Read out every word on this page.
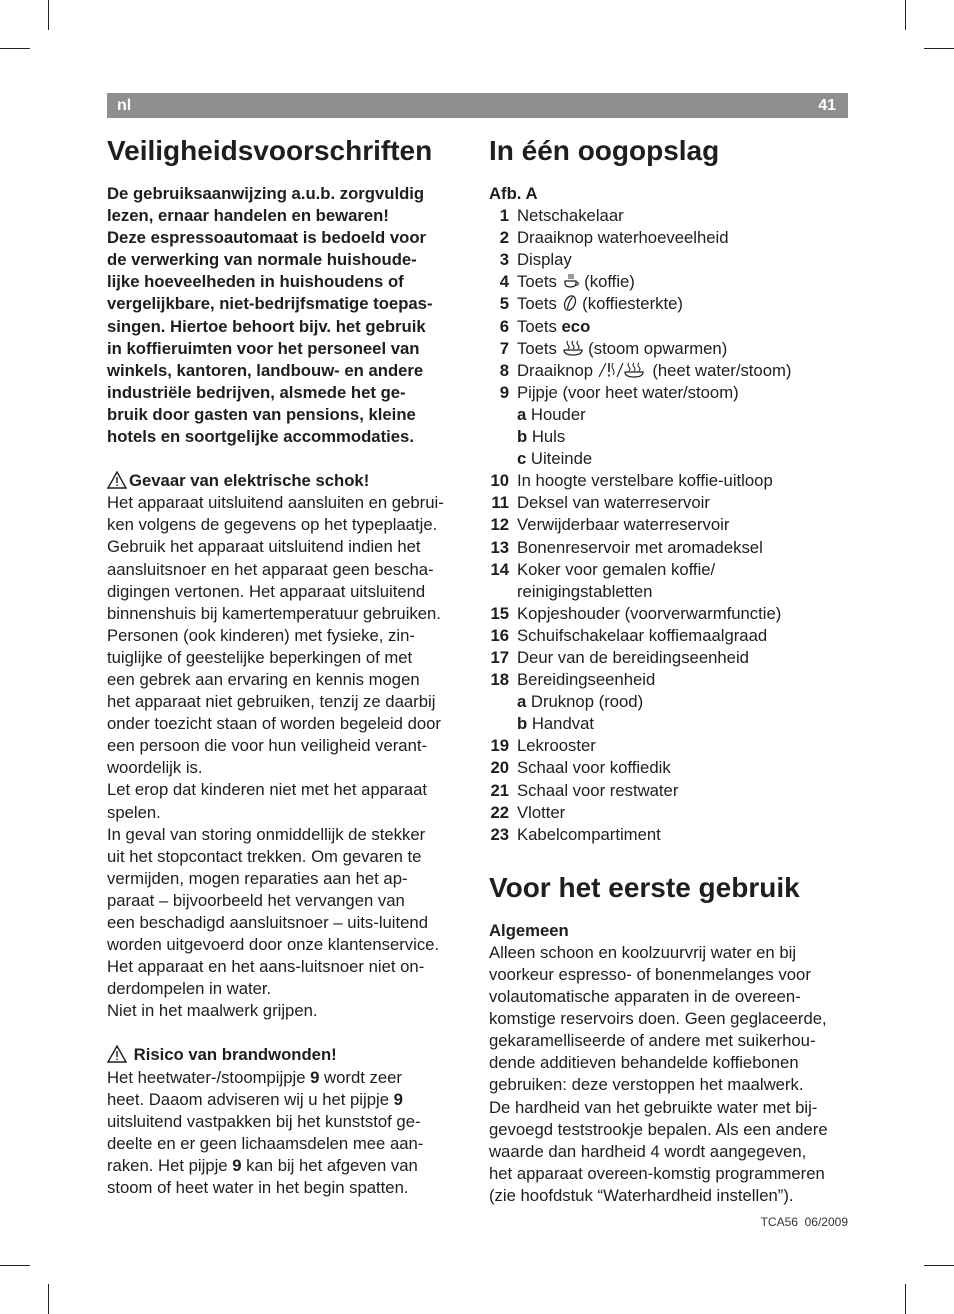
nl	41
Veiligheidsvoorschriften

De gebruiksaanwijzing a.u.b. zorgvuldig

lezen, ernaar handelen en bewaren!

Deze espressoautomaat is bedoeld voor

de verwerking van normale huishoude-

lijke hoeveelheden in huishoudens of

vergelijkbare, niet-bedrijfsmatige toepas-

singen. Hiertoe behoort bijv. het gebruik

in koffieruimten voor het personeel van

winkels, kantoren, landbouw- en andere

industriële bedrijven, alsmede het ge-

bruik door gasten van pensions, kleine

hotels en soortgelijke accommodaties.

Gevaar van elektrische schok!

Het apparaat uitsluitend aansluiten en gebrui-

ken volgens de gegevens op het typeplaatje.

Gebruik het apparaat uitsluitend indien het

aansluitsnoer en het apparaat geen bescha-

digingen vertonen. Het apparaat uitsluitend

binnenshuis bij kamertemperatuur gebruiken.

Personen (ook kinderen) met fysieke, zin-

tuiglijke of geestelijke beperkingen of met

een gebrek aan ervaring en kennis mogen

het apparaat niet gebruiken, tenzij ze daarbij

onder toezicht staan of worden begeleid door

een persoon die voor hun veiligheid verant-

woordelijk is.

Let erop dat kinderen niet met het apparaat

spelen.

In geval van storing onmiddellijk de stekker

uit het stopcontact trekken. Om gevaren te

vermijden, mogen reparaties aan het ap-

paraat – bijvoorbeeld het vervangen van

een beschadigd aansluitsnoer – uits-luitend

worden uitgevoerd door onze klantenservice.

Het apparaat en het aans-luitsnoer niet on-

derdompelen in water.

Niet in het maalwerk grijpen.

Risico van brandwonden!

Het heetwater-/stoompijpje 9 wordt zeer

heet. Daaom adviseren wij u het pijpje 9

uitsluitend vastpakken bij het kunststof ge-

deelte en er geen lichaamsdelen mee aan-

raken. Het pijpje 9 kan bij het afgeven van

stoom of heet water in het begin spatten.

In één oogopslag

Afb. A

1 Netschakelaar
2 Draaiknop waterhoeveelheid
3 Display
4 Toets  (koffie)
5 Toets  (koffiesterkte)
6 Toets eco
7 Toets  (stoom opwarmen)
8 Draaiknop	(heet water/stoom)
9 Pijpje (voor heet water/stoom)
a
Houder
b
Huls
c
Uiteinde
10 In hoogte verstelbare koffie-uitloop
11 Deksel van waterreservoir
12 Verwijderbaar waterreservoir
13 Bonenreservoir met aromadeksel
14 Koker voor gemalen koffie/
reinigingstabletten
15 Kopjeshouder (voorverwarmfunctie)
16 Schuifschakelaar koffiemaalgraad
17 Deur van de bereidingseenheid
18 Bereidingseenheid
a
Druknop (rood)
b
Handvat
19 Lekrooster
20 Schaal voor koffiedik
21 Schaal voor restwater
22 Vlotter
23 Kabelcompartiment
Voor het eerste gebruik

Algemeen

Alleen schoon en koolzuurvrij water en bij

voorkeur espresso- of bonenmelanges voor

volautomatische apparaten in de overeen-

komstige reservoirs doen. Geen geglaceerde,

gekaramelliseerde of andere met suikerhou-

dende additieven behandelde koffiebonen

gebruiken: deze verstoppen het maalwerk.

De hardheid van het gebruikte water met bij-

gevoegd teststrookje bepalen. Als een andere

waarde dan hardheid 4 wordt aangegeven,

het apparaat overeen-komstig programmeren

(zie hoofdstuk “Waterhardheid instellen”).

TCA56 06/2009
